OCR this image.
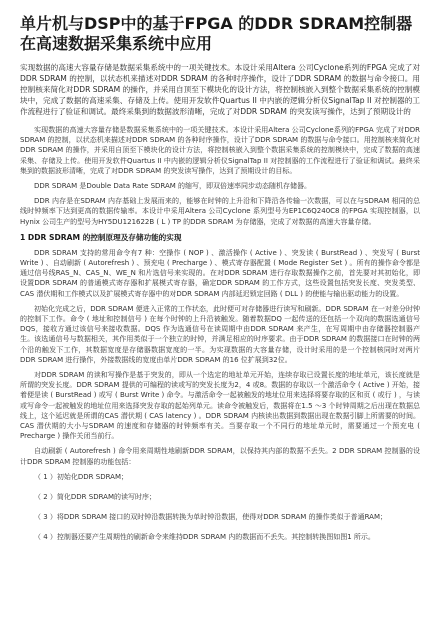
单片机与DSP中的基于FPGA 的DDR SDRAM控制器在高速数据采集系统中应用

实现数据的高速大容量存储是数据采集系统中的一项关键技术。本设计采用Altera 公司Cyclone系列的FPGA 完成了对DDR SDRAM 的控制，以状态机来描述对DDR SDRAM 的各种时序操作，设计了DDR SDRAM 的数据与命令接口。用控制核来简化对DDR SDRAM 的操作，并采用自顶至下模块化的设计方法，将控制核嵌入到整个数据采集系统的控制模块中，完成了数据的高速采集、存储及上传。使用开发软件Quartus II 中内嵌的逻辑分析仪SignalTap II 对控制器的工作流程进行了验证和调试。最终采集到的数据波形清晰，完成了对DDR SDRAM 的突发读写操作，达到了预期设计的

实现数据的高速大容量存储是数据采集系统中的一项关键技术。本设计采用Altera 公司Cyclone系列的FPGA 完成了对DDR SDRAM 的控制，以状态机来描述对DDR SDRAM 的各种时序操作，设计了DDR SDRAM 的数据与命令接口。用控制核来简化对DDR SDRAM 的操作，并采用自顶至下模块化的设计方法，将控制核嵌入到整个数据采集系统的控制模块中，完成了数据的高速采集、存储及上传。使用开发软件Quartus II 中内嵌的逻辑分析仪SignalTap II 对控制器的工作流程进行了验证和调试。最终采集到的数据波形清晰，完成了对DDR SDRAM 的突发读写操作，达到了预期设计的目标。

DDR SDRAM 是Double Data Rate SDRAM 的缩写，即双倍速率同步动态随机存储器。

DDR 内存是在SDRAM 内存基础上发展而来的，能够在时钟的上升沿和下降沿各传输一次数据，可以在与SDRAM 相同的总线时钟频率下达到更高的数据传输率。本设计中采用Altera 公司Cyclone 系列型号为EP1C6Q240C8 的FPGA 实现控制器，以Hynix 公司生产的型号为HY5DU121622B ( L ) TP 的DDR SDRAM 为存储器，完成了对数据的高速大容量存储。

1 DDR SDRAM 的控制原理及存储功能的实现

DDR SDRAM 支持的常用命令有7 种：空操作 ( NOP ) 、激活操作 ( Active ) 、突发读 ( BurstRead ) 、突发写 ( Burst Write ) 、自动刷新 ( Autorefresh ) 、预充电 ( Precharge ) 、模式寄存器配置 ( Mode Register Set ) 。所有的操作命令都是通过信号线RAS_N、CAS_N、WE_N 和片选信号来实现的。在对DDR SDRAM 进行存取数据操作之前，首先要对其初始化，即设置DDR SDRAM 的普通模式寄存器和扩展模式寄存器，确定DDR SDRAM 的工作方式，这些设置包括突发长度、突发类型、CAS 潜伏期和工作模式以及扩展模式寄存器中的对DDR SDRAM 内部延迟锁定回路 ( DLL ) 的使能与输出驱动能力的设置。

初始化完成之后，DDR SDRAM 便进入正常的工作状态，此时便可对存储器进行读写和刷新。DDR SDRAM 在一对差分时钟的控制下工作。命令 ( 地址和控制信号 ) 在每个时钟的上升沿被触发。随着数据DQ 一起传送的还包括一个双向的数据选通信号DQS，接收方通过该信号来接收数据。DQS 作为选通信号在读周期中由DDR SDRAM 来产生，在写周期中由存储器控制器产生。该选通信号与数据相关，其作用类似于一个独立的时钟，并满足相应的时序要求。由于DDR SDRAM 的数据接口在时钟的两个沿的触发下工作，其数据宽度是存储器数据宽度的一半。为实现数据的大容量存储，设计时采用的是一个控制核同时对两片DDR SDRAM 进行操作，外接数据线的宽度由单片DDR SDRAM 的16 位扩展到32位。

对DDR SDRAM 的读和写操作是基于突发的，即从一个选定的地址单元开始，连续存取已设置长度的地址单元，该长度就是所谓的突发长度。DDR SDRAM 提供的可编程的读或写的突发长度为2，4 或8。数据的存取以一个激活命令 ( Active ) 开始，接着便是读 ( BurstRead ) 或写 ( Burst Write ) 命令。与激活命令一起被触发的地址位用来选择将要存取的区和页 ( 或行 ) ，与读或写命令一起被触发的地址位用来选择突发存取的起始列单元。读命令被触发后，数据将在1.5 ～3 个时钟周期之后出现在数据总线上，这个延迟就是所谓的CAS 潜伏期 ( CAS latency ) 。DDR SDRAM 内核读出数据到数据出现在数据引脚上所需要的时间。CAS 潜伏期的大小与SDRAM 的速度和存储器的时钟频率有关。当要存取一个不同行的地址单元时，需要通过一个预充电 ( Precharge ) 操作关闭当前行。

自动刷新 ( Autorefresh ) 命令用来周期性地刷新DDR SDRAM，以保持其内部的数据不丢失。2 DDR SDRAM 控制器的设计DDR SDRAM 控制器的功能包括：

（ 1 ）初始化DDR SDRAM；
（ 2 ）简化DDR SDRAM的读写时序；
（ 3 ）将DDR SDRAM 接口的双时钟沿数据转换为单时钟沿数据，使得对DDR SDRAM 的操作类似于普通RAM；
（ 4 ）控制器还要产生周期性的刷新命令来维持DDR SDRAM 内的数据而不丢失。其控制转换图如图1 所示。
